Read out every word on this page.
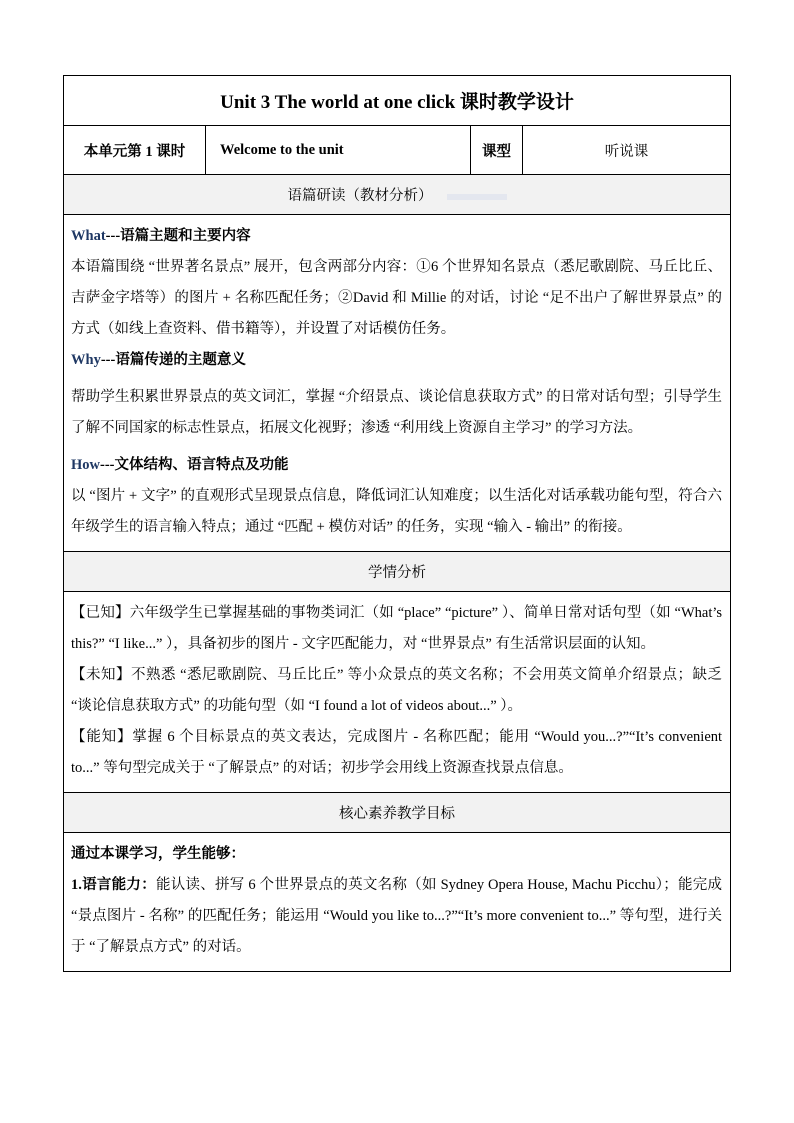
Unit 3 The world at one click 课时教学设计
本单元第 1 课时	Welcome to the unit	课型	听说课
语篇研读（教材分析）

What---语篇主题和主要内容

本语篇围绕 “世界著名景点” 展开，包含两部分内容：①6 个世界知名景点（悉尼歌剧院、马丘比丘、吉萨金字塔等）的图片 + 名称匹配任务；②David 和 Millie 的对话，讨论 “足不出户了解世界景点” 的方式（如线上查资料、借书籍等），并设置了对话模仿任务。

Why---语篇传递的主题意义

帮助学生积累世界景点的英文词汇，掌握 “介绍景点、谈论信息获取方式” 的日常对话句型；引导学生了解不同国家的标志性景点，拓展文化视野；渗透 “利用线上资源自主学习” 的学习方法。

How---文体结构、语言特点及功能

以 “图片 + 文字” 的直观形式呈现景点信息，降低词汇认知难度；以生活化对话承载功能句型，符合六年级学生的语言输入特点；通过 “匹配 + 模仿对话” 的任务，实现 “输入 - 输出” 的衔接。

学情分析

【已知】六年级学生已掌握基础的事物类词汇（如 “place” “picture” ）、简单日常对话句型（如 “What’s this?” “I like...” ），具备初步的图片 - 文字匹配能力，对 “世界景点” 有生活常识层面的认知。

【未知】不熟悉 “悉尼歌剧院、马丘比丘” 等小众景点的英文名称；不会用英文简单介绍景点；缺乏 “谈论信息获取方式” 的功能句型（如 “I found a lot of videos about...” ）。

【能知】掌握 6 个目标景点的英文表达，完成图片 - 名称匹配；能用 “Would you...?”“It’s convenient to...” 等句型完成关于 “了解景点” 的对话；初步学会用线上资源查找景点信息。

核心素养教学目标

通过本课学习，学生能够：

1.语言能力：能认读、拼写 6 个世界景点的英文名称（如 Sydney Opera House, Machu Picchu）；能完成 “景点图片 - 名称” 的匹配任务；能运用 “Would you like to...?”“It’s more convenient to...” 等句型，进行关于 “了解景点方式” 的对话。
